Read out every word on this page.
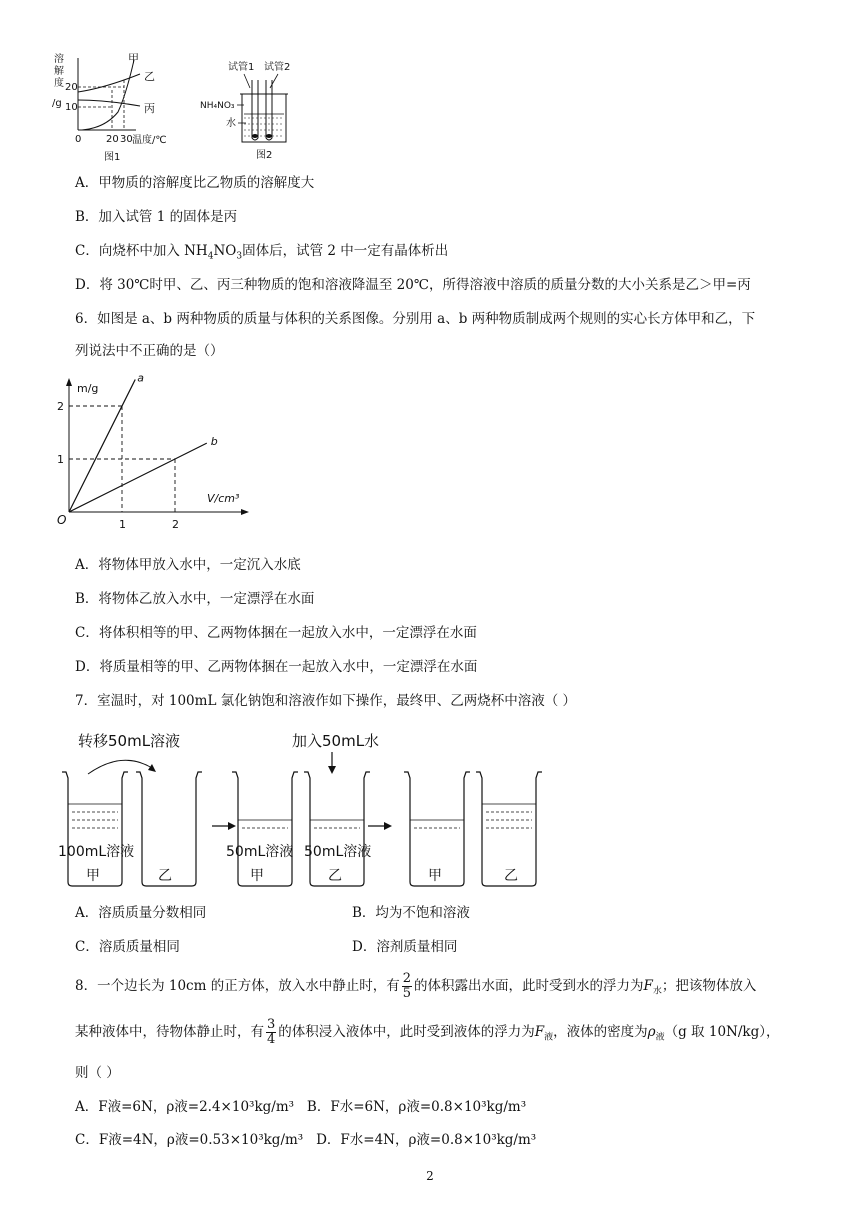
溶
解
度
/g
20
10
甲
乙
丙
0 20 30 温度/℃
图1
试管1 试管2
NH₄NO₃
水
图2
A．甲物质的溶解度比乙物质的溶解度大
B．加入试管 1 的固体是丙
C．向烧杯中加入 $NH_4NO_3$固体后，试管 2 中一定有晶体析出
D．将 30℃时甲、乙、丙三种物质的饱和溶液降温至 20℃，所得溶液中溶质的质量分数的大小关系是乙＞甲=丙
6．如图是 a、b 两种物质的质量与体积的关系图像。分别用 a、b 两种物质制成两个规则的实心长方体甲和乙，下
列说法中不正确的是（）
2
1
1	2
a
b
m/g
V/cm³
O
A．将物体甲放入水中，一定沉入水底
B．将物体乙放入水中，一定漂浮在水面
C．将体积相等的甲、乙两物体捆在一起放入水中，一定漂浮在水面
D．将质量相等的甲、乙两物体捆在一起放入水中，一定漂浮在水面
7．室温时，对 100mL 氯化钠饱和溶液作如下操作，最终甲、乙两烧杯中溶液（ ）
转移50mL溶液	加入50mL水
100mL溶液	50mL溶液 50mL溶液
甲	乙	甲	乙	甲	乙
A．溶质质量分数相同	B．均为不饱和溶液
C．溶质质量相同	D．溶剂质量相同
8．一个边长为 10cm 的正方体，放入水中静止时，有 $\frac{2}{5}$ 的体积露出水面，此时受到水的浮力为$F_水$；把该物体放入
某种液体中，待物体静止时，有 $\frac{3}{4}$ 的体积浸入液体中，此时受到液体的浮力为$F_液$，液体的密度为$\rho_液(g$ 取 10N/kg），
则（ ）
A．F液=6N，ρ液=2.4×10³kg/m³ B．F水=6N，ρ液=0.8×10³kg/m³
C．F液=4N，ρ液=0.53×10³kg/m³ D．F水=4N，ρ液=0.8×10³kg/m³
2
